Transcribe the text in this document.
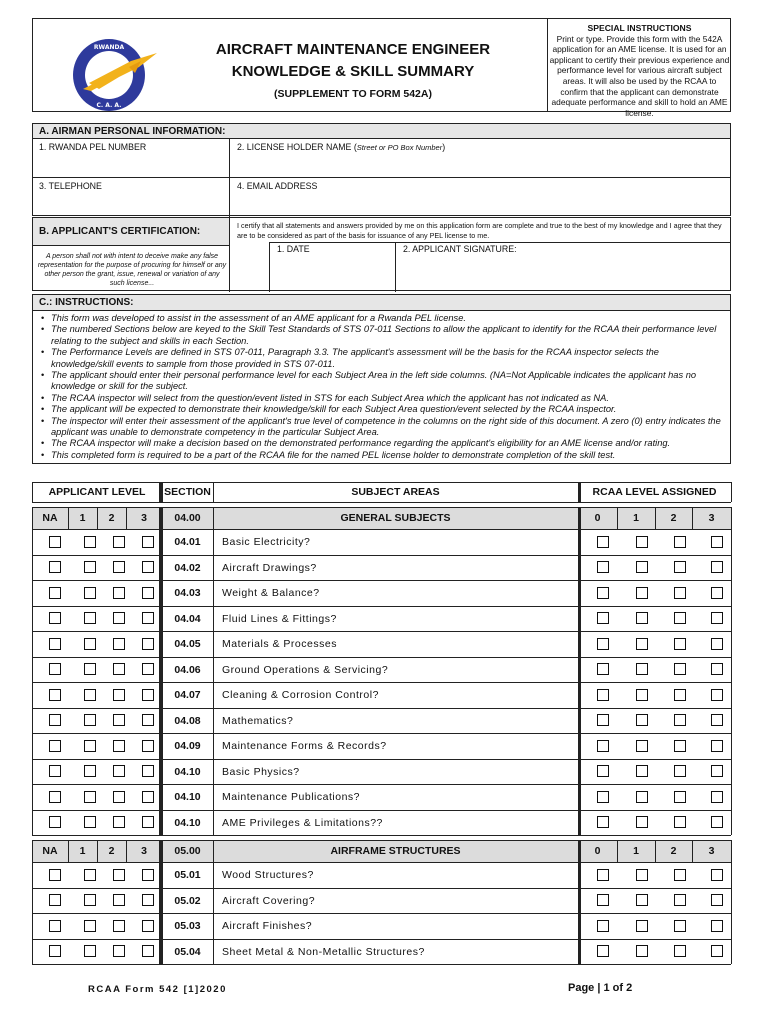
RWANDA
C. A. A.
AIRCRAFT MAINTENANCE ENGINEER
KNOWLEDGE & SKILL SUMMARY
(SUPPLEMENT TO FORM 542A)
SPECIAL INSTRUCTIONS
Print or type. Provide this form with the 542A application for an AME license. It is used for an applicant to certify their previous experience and performance level for various aircraft subject areas. It will also be used by the RCAA to confirm that the applicant can demonstrate adequate performance and skill to hold an AME license.
A. AIRMAN PERSONAL INFORMATION:
1. RWANDA PEL NUMBER	2. LICENSE HOLDER NAME (Street or PO Box Number)
3. TELEPHONE	4. EMAIL ADDRESS
B. APPLICANT'S CERTIFICATION:
A person shall not with intent to deceive make any false representation for the purpose of procuring for himself or any other person the grant, issue, renewal or variation of any such license...
I certify that all statements and answers provided by me on this application form are complete and true to the best of my knowledge and I agree that they are to be considered as part of the basis for issuance of any PEL license to me.
1. DATE	2. APPLICANT SIGNATURE:
C.: INSTRUCTIONS:
• This form was developed to assist in the assessment of an AME applicant for a Rwanda PEL license.
• The numbered Sections below are keyed to the Skill Test Standards of STS 07-011 Sections to allow the applicant to identify for the RCAA their performance level relating to the subject and skills in each Section.
• The Performance Levels are defined in STS 07-011, Paragraph 3.3. The applicant's assessment will be the basis for the RCAA inspector selects the knowledge/skill events to sample from those provided in STS 07-011.
• The applicant should enter their personal performance level for each Subject Area in the left side columns. (NA=Not Applicable indicates the applicant has no knowledge or skill for the subject.
• The RCAA inspector will select from the question/event listed in STS for each Subject Area which the applicant has not indicated as NA.
• The applicant will be expected to demonstrate their knowledge/skill for each Subject Area question/event selected by the RCAA inspector.
• The inspector will enter their assessment of the applicant's true level of competence in the columns on the right side of this document. A zero (0) entry indicates the applicant was unable to demonstrate competency in the particular Subject Area.
• The RCAA inspector will make a decision based on the demonstrated performance regarding the applicant's eligibility for an AME license and/or rating.
• This completed form is required to be a part of the RCAA file for the named PEL license holder to demonstrate completion of the skill test.
APPLICANT LEVEL	SECTION	SUBJECT AREAS	RCAA LEVEL ASSIGNED
NA	1	2	3	04.00	GENERAL SUBJECTS	0	1	2	3
04.01	Basic Electricity?
04.02	Aircraft Drawings?
04.03	Weight & Balance?
04.04	Fluid Lines & Fittings?
04.05	Materials & Processes
04.06	Ground Operations & Servicing?
04.07	Cleaning & Corrosion Control?
04.08	Mathematics?
04.09	Maintenance Forms & Records?
04.10	Basic Physics?
04.10	Maintenance Publications?
04.10	AME Privileges & Limitations??
NA	1	2	3	05.00	AIRFRAME STRUCTURES	0	1	2	3
05.01	Wood Structures?
05.02	Aircraft Covering?
05.03	Aircraft Finishes?
05.04	Sheet Metal & Non-Metallic Structures?
RCAA Form 542 [1]2020	Page | 1 of 2
